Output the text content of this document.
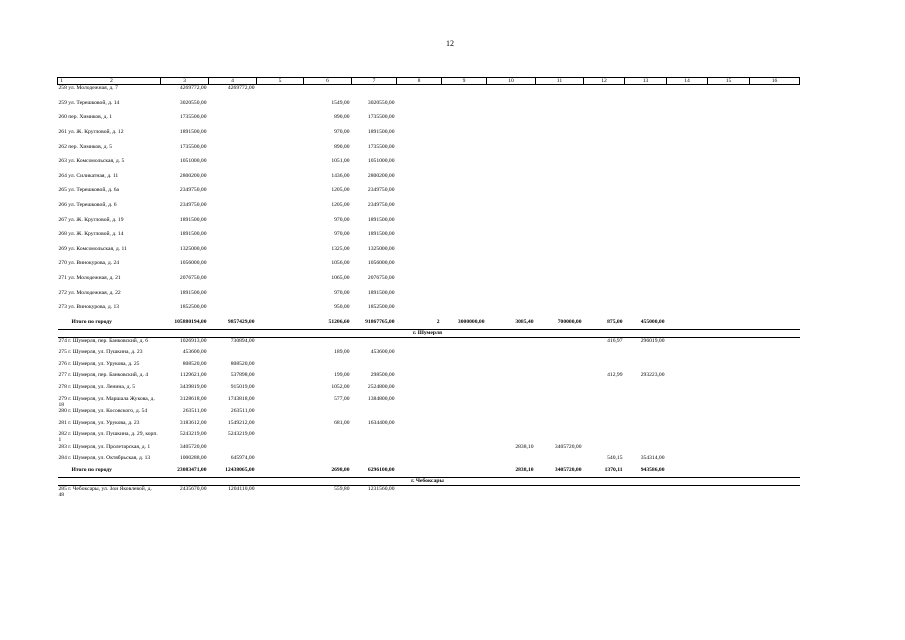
12
1 2	3	4	5	6	7	8	9	10	11	12	13	14	15	16
258 ул. Молодежная, д. 7	4269772,00	4269772,00												
259 ул. Терешковой, д. 14	3020550,00			1549,00	3020550,00									
260 пер. Химиков, д. 1	1735500,00			890,00	1735500,00									
261 ул. Ж. Кругловой, д. 12	1891500,00			970,00	1891500,00									
262 пер. Химиков, д. 5	1735500,00			890,00	1735500,00									
263 ул. Комсомольская, д. 5	1051000,00			1051,00	1051000,00									
264 ул. Силикатная, д. 11	2800200,00			1436,00	2800200,00									
265 ул. Терешковой, д. 6а	2349750,00			1205,00	2349750,00									
266 ул. Терешковой, д. 6	2349750,00			1205,00	2349750,00									
267 ул. Ж. Кругловой, д. 19	1891500,00			970,00	1891500,00									
268 ул. Ж. Кругловой, д. 14	1891500,00			970,00	1891500,00									
269 ул. Комсомольская, д. 11	1325000,00			1325,00	1325000,00									
270 ул. Винокурова, д. 24	1056000,00			1056,00	1056000,00									
271 ул. Молодежная, д. 21	2076750,00			1065,00	2076750,00									
272 ул. Молодежная, д. 22	1891500,00			970,00	1891500,00									
273 ул. Винокурова, д. 13	1852500,00			950,00	1852500,00									
Итого по городу	105880194,00	9857429,00		51206,60	91867765,00	2	3000000,00	3085,40	700000,00	875,00	455000,00			
г. Шумерля														
274 г. Шумерля, пер. Банковский, д. 6	1026913,00	730894,00								416,97	296019,00			
275 г. Шумерля, ул. Пушкина, д. 23	453600,00			189,00	453600,00									
276 г. Шумерля, ул. Урукова, д. 25	808520,00	808520,00												
277 г. Шумерля, пер. Банковский, д. 4	1129621,00	537898,00		199,00	298500,00					412,99	293223,00			
278 г. Шумерля, ул. Ленина, д. 5	3439819,00	915019,00		1052,00	2524800,00									
279 г. Шумерля, ул. Маршала Жукова, д. 18	3128618,00	1743818,00		577,00	1384800,00									
280 г. Шумерля, ул. Косовского, д. 54	263511,00	263511,00												
281 г. Шумерля, ул. Урукова, д. 23	3183612,00	1549212,00		681,00	1634400,00									
282 г. Шумерля, ул. Пушкина, д. 29, корп. 1	5243219,00	5243219,00												
283 г. Шумерля, ул. Пролетарская, д. 1	3405720,00							2838,10	3405720,00					
284 г. Шумерля, ул. Октябрьская, д. 13	1000288,00	645974,00								540,15	354314,00			
Итого по городу	23083471,00	12438065,00		2698,00	6296100,00			2838,10	3405720,00	1370,11	943586,00			
г. Чебоксары														
285 г. Чебоксары, ул. Зои Яковлевой, д. 48	2435670,00	1204110,00		559,80	1231560,00									
